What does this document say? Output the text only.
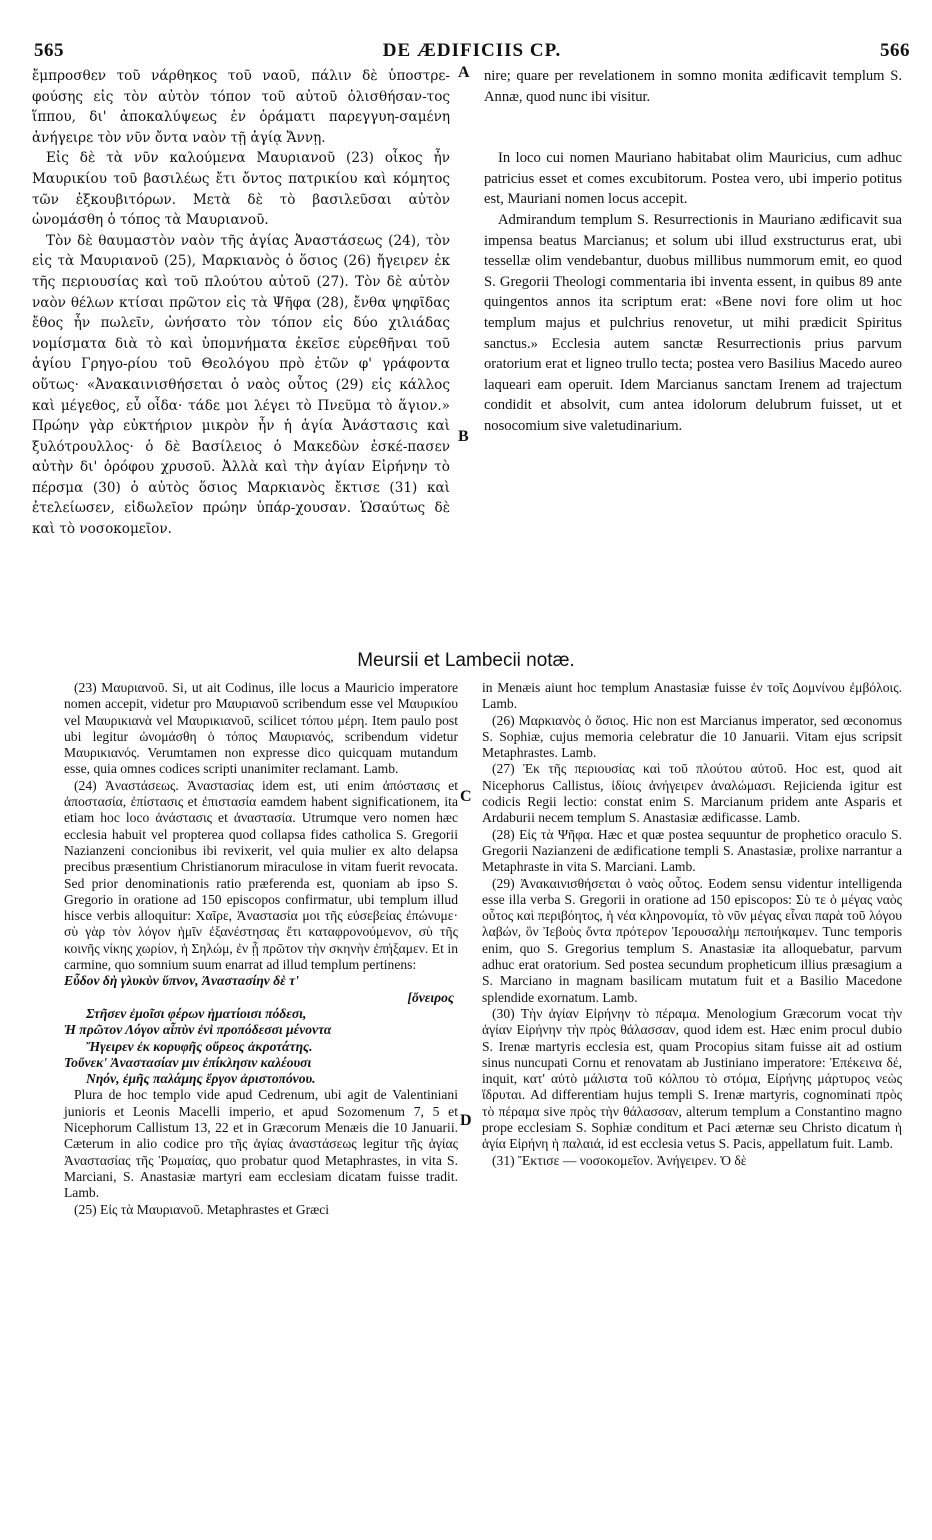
565	DE ÆDIFICIIS CP.	566

ἔμπροσθεν τοῦ νάρθηκος τοῦ ναοῦ, πάλιν δὲ ὑποστρε-φούσης εἰς τὸν αὐτὸν τόπον τοῦ αὐτοῦ ὀλισθήσαν-τος ἵππου, δι' ἀποκαλύψεως ἐν ὁράματι παρεγγυη-σαμένη ἀνήγειρε τὸν νῦν ὄντα ναὸν τῇ ἁγίᾳ Ἄννῃ.

Εἰς δὲ τὰ νῦν καλούμενα Μαυριανοῦ (23) οἶκος ἦν Μαυρικίου τοῦ βασιλέως ἔτι ὄντος πατρικίου καὶ κόμητος τῶν ἐξκουβιτόρων. Μετὰ δὲ τὸ βασιλεῦσαι αὐτὸν ὠνομάσθη ὁ τόπος τὰ Μαυριανοῦ.

Τὸν δὲ θαυμαστὸν ναὸν τῆς ἁγίας Ἀναστάσεως (24), τὸν εἰς τὰ Μαυριανοῦ (25), Μαρκιανὸς ὁ ὅσιος (26) ἤγειρεν ἐκ τῆς περιουσίας καὶ τοῦ πλούτου αὐτοῦ (27). Τὸν δὲ αὐτὸν ναὸν θέλων κτίσαι πρῶτον εἰς τὰ Ψῆφα (28), ἔνθα ψηφῖδας ἔθος ἦν πωλεῖν, ὠνήσατο τὸν τόπον εἰς δύο χιλιάδας νομίσματα διὰ τὸ καὶ ὑπομνήματα ἐκεῖσε εὑρεθῆναι τοῦ ἁγίου Γρηγο-ρίου τοῦ Θεολόγου πρὸ ἐτῶν φ' γράφοντα οὕτως· «Ἀνακαινισθήσεται ὁ ναὸς οὗτος (29) εἰς κάλλος καὶ μέγεθος, εὖ οἶδα· τάδε μοι λέγει τὸ Πνεῦμα τὸ ἅγιον.» Πρώην γὰρ εὐκτήριον μικρὸν ἦν ἡ ἁγία Ἀνάστασις καὶ ξυλότρουλλος· ὁ δὲ Βασίλειος ὁ Μακεδὼν ἐσκέ-πασεν αὐτὴν δι' ὀρόφου χρυσοῦ. Ἀλλὰ καὶ τὴν ἁγίαν Εἰρήνην τὸ πέρσμα (30) ὁ αὐτὸς ὅσιος Μαρκιανὸς ἔκτισε (31) καὶ ἐτελείωσεν, εἰδωλεῖον πρώην ὑπάρ-χουσαν. Ὡσαύτως δὲ καὶ τὸ νοσοκομεῖον.

nire; quare per revelationem in somno monita ædificavit templum S. Annæ, quod nunc ibi visitur.

In loco cui nomen Mauriano habitabat olim Mauricius, cum adhuc patricius esset et comes excubitorum. Postea vero, ubi imperio potitus est, Mauriani nomen locus accepit.

Admirandum templum S. Resurrectionis in Mauriano ædificavit sua impensa beatus Marcianus; et solum ubi illud exstructurus erat, ubi tessellæ olim vendebantur, duobus millibus nummorum emit, eo quod S. Gregorii Theologi commentaria ibi inventa essent, in quibus 89 ante quingentos annos ita scriptum erat: «Bene novi fore olim ut hoc templum majus et pulchrius renovetur, ut mihi prædicit Spiritus sanctus.» Ecclesia autem sanctæ Resurrectionis prius parvum oratorium erat et ligneo trullo tecta; postea vero Basilius Macedo aureo laqueari eam operuit. Idem Marcianus sanctam Irenem ad trajectum condidit et absolvit, cum antea idolorum delubrum fuisset, ut et nosocomium sive valetudinarium.

A
B
C
D
Meursii et Lambecii notæ.

(23) Μαυριανοῦ. Si, ut ait Codinus, ille locus a Mauricio imperatore nomen accepit, videtur pro Μαυριανοῦ scribendum esse vel Μαυρικίου vel Μαυρικιανὰ vel Μαυρικιανοῦ, scilicet τόπου μέρη. Item paulo post ubi legitur ὠνομάσθη ὁ τόπος Μαυριανός, scribendum videtur Μαυρικιανός. Verumtamen non expresse dico quicquam mutandum esse, quia omnes codices scripti unanimiter reclamant. Lamb.

(24) Ἀναστάσεως. Ἀναστασίας idem est, uti enim ἀπόστασις et ἀποστασία, ἐπίστασις et ἐπιστασία eamdem habent significationem, ita etiam hoc loco ἀνάστασις et ἀναστασία. Utrumque vero nomen hæc ecclesia habuit vel propterea quod collapsa fides catholica S. Gregorii Nazianzeni concionibus ibi revixerit, vel quia mulier ex alto delapsa precibus præsentium Christianorum miraculose in vitam fuerit revocata. Sed prior denominationis ratio præferenda est, quoniam ab ipso S. Gregorio in oratione ad 150 episcopos confirmatur, ubi templum illud hisce verbis alloquitur: Χαῖρε, Ἀναστασία μοι τῆς εὐσεβείας ἐπώνυμε· σὺ γὰρ τὸν λόγον ἡμῖν ἐξανέστησας ἔτι καταφρονούμενον, σὺ τῆς κοινῆς νίκης χωρίον, ἡ Σηλώμ, ἐν ᾗ πρῶτον τὴν σκηνὴν ἐπήξαμεν. Et in carmine, quo somnium suum enarrat ad illud templum pertinens:

Εὗδον δὴ γλυκὺν ὕπνον, Ἀναστασίην δὲ τ'

[ὄνειρος

Στῆσεν ἐμοῖσι φέρων ἡματίοισι πόδεσι,

Ἡ πρῶτον Λόγον αἶπὺν ἐνὶ προπόδεσσι μένοντα

Ἤγειρεν ἐκ κορυφῆς οὔρεος ἀκροτάτης.

Τοὔνεκ' Ἀναστασίαν μιν ἐπίκλησιν καλέουσι

Νηόν, ἐμῆς παλάμης ἔργον ἀριστοπόνου.

Plura de hoc templo vide apud Cedrenum, ubi agit de Valentiniani junioris et Leonis Macelli imperio, et apud Sozomenum 7, 5 et Nicephorum Callistum 13, 22 et in Græcorum Menæis die 10 Januarii. Cæterum in alio codice pro τῆς ἁγίας ἀναστάσεως legitur τῆς ἁγίας Ἀναστασίας τῆς Ῥωμαίας, quo probatur quod Metaphrastes, in vita S. Marciani, S. Anastasiæ martyri eam ecclesiam dicatam fuisse tradit. Lamb.

(25) Εἰς τὰ Μαυριανοῦ. Metaphrastes et Græci

in Menæis aiunt hoc templum Anastasiæ fuisse ἐν τοῖς Δομνίνου ἐμβόλοις. Lamb.

(26) Μαρκιανὸς ὁ ὅσιος. Hic non est Marcianus imperator, sed œconomus S. Sophiæ, cujus memoria celebratur die 10 Januarii. Vitam ejus scripsit Metaphrastes. Lamb.

(27) Ἐκ τῆς περιουσίας καὶ τοῦ πλούτου αὐτοῦ. Hoc est, quod ait Nicephorus Callistus, ἰδίοις ἀνήγειρεν ἀναλώμασι. Rejicienda igitur est codicis Regii lectio: constat enim S. Marcianum pridem ante Asparis et Ardaburii necem templum S. Anastasiæ ædificasse. Lamb.

(28) Εἰς τὰ Ψῆφα. Hæc et quæ postea sequuntur de prophetico oraculo S. Gregorii Nazianzeni de ædificatione templi S. Anastasiæ, prolixe narrantur a Metaphraste in vita S. Marciani. Lamb.

(29) Ἀνακαινισθήσεται ὁ ναὸς οὗτος. Eodem sensu videntur intelligenda esse illa verba S. Gregorii in oratione ad 150 episcopos: Σὺ τε ὁ μέγας ναὸς οὗτος καὶ περιβόητος, ἡ νέα κληρονομία, τὸ νῦν μέγας εἶναι παρὰ τοῦ λόγου λαβών, ὃν Ἰεβοὺς ὄντα πρότερον Ἱερουσαλὴμ πεποιήκαμεν. Tunc temporis enim, quo S. Gregorius templum S. Anastasiæ ita alloquebatur, parvum adhuc erat oratorium. Sed postea secundum propheticum illius præsagium a S. Marciano in magnam basilicam mutatum fuit et a Basilio Macedone splendide exornatum. Lamb.

(30) Τὴν ἁγίαν Εἰρήνην τὸ πέραμα. Menologium Græcorum vocat τὴν ἁγίαν Εἰρήνην τὴν πρὸς θάλασσαν, quod idem est. Hæc enim procul dubio S. Irenæ martyris ecclesia est, quam Procopius sitam fuisse ait ad ostium sinus nuncupati Cornu et renovatam ab Justiniano imperatore: Ἐπέκεινα δέ, inquit, κατ' αὐτὸ μάλιστα τοῦ κόλπου τὸ στόμα, Εἰρήνης μάρτυρος νεὼς ἵδρυται. Ad differentiam hujus templi S. Irenæ martyris, cognominati πρὸς τὸ πέραμα sive πρὸς τὴν θάλασσαν, alterum templum a Constantino magno prope ecclesiam S. Sophiæ conditum et Paci æternæ seu Christo dicatum ἡ ἁγία Εἰρήνη ἡ παλαιά, id est ecclesia vetus S. Pacis, appellatum fuit. Lamb.

(31) Ἔκτισε — νοσοκομεῖον. Ἀνήγειρεν. Ὁ δὲ
